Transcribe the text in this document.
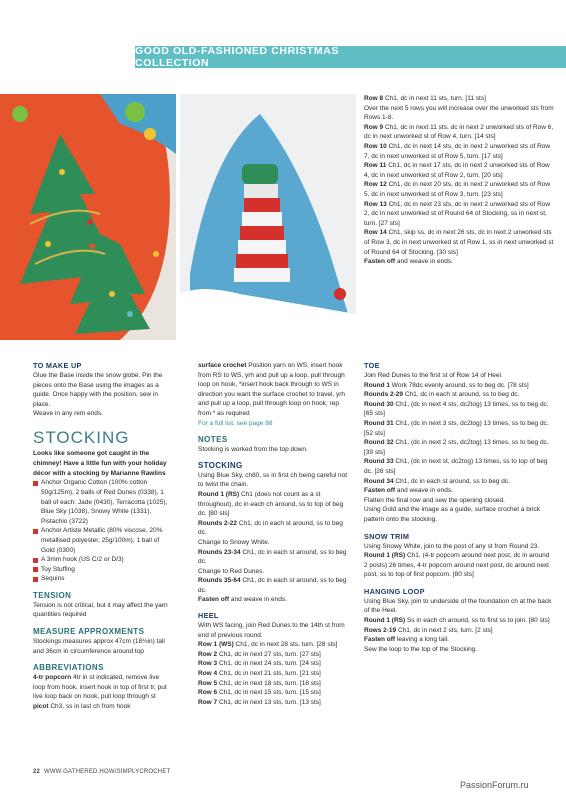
GOOD OLD-FASHIONED CHRISTMAS COLLECTION

Row 8 Ch1, dc in next 11 sts, turn. [11 sts]

Over the next 5 rows you will increase over the unworked sts from Rows 1-8.

Row 9 Ch1, dc in next 11 sts, dc in next 2 unworked sts of Row 6, dc in next unworked st of Row 4, turn. [14 sts]

Row 10 Ch1, dc in next 14 sts, dc in next 2 unworked sts of Row 7, dc in next unworked st of Row 5, turn. [17 sts]

Row 11 Ch1, dc in next 17 sts, dc in next 2 unworked sts of Row 4, dc in next unworked st of Row 2, turn. [20 sts]

Row 12 Ch1, dc in next 20 sts, dc in next 2 unworked sts of Row 5, dc in next unworked st of Row 3, turn. [23 sts]

Row 13 Ch1, dc in next 23 sts, dc in next 2 unworked sts of Row 2, dc in next unworked st of Round 64 of Stocking, ss in next st, turn. [27 sts]

Row 14 Ch1, skip ss, dc in next 26 sts, dc in next 2 unworked sts of Row 3, dc in next unworked st of Row 1, ss in next unworked st of Round 64 of Stocking. [30 sts]

Fasten off and weave in ends.

TO MAKE UP

Glue the Base inside the snow globe. Pin the pieces onto the Base using the images as a guide. Once happy with the position, sew in place.

Weave in any rem ends.

STOCKING

Looks like someone got caught in the chimney! Have a little fun with your holiday décor with a stocking by Marianne Rawlins

Anchor Organic Cotton (100% cotton 50g/125m), 2 balls of Red Dunes (0338), 1 ball of each: Jade (0430), Terracotta (1025), Blue Sky (1038), Snowy White (1331), Pistachio (3722)

Anchor Artiste Metallic (80% viscose, 20% metallised polyester, 25g/100m), 1 ball of Gold (0300)

A 3mm hook (US C/2 or D/3)

Toy Stuffing

Sequins

TENSION

Tension is not critical, but it may affect the yarn quantities required

MEASURE APPROXMENTS

Stockings measures approx 47cm (18½in) tall and 36cm in circumference around top

ABBREVIATIONS

4-tr popcorn 4tr in st indicated, remove live loop from hook, insert hook in top of first tr, put live loop back on hook, pull loop through st

picot Ch3, ss in last ch from hook

surface crochet Position yarn on WS, insert hook from RS to WS, yrh and pull up a loop, pull through loop on hook, *insert hook back through to WS in direction you want the surface crochet to travel, yrh and pull up a loop, pull through loop on hook; rep from * as required

For a full list, see page 88

NOTES

Stocking is worked from the top down.

STOCKING

Using Blue Sky, ch80, ss in first ch being careful not to twist the chain.

Round 1 (RS) Ch1 (does not count as a st throughout), dc in each ch around, ss to top of beg dc. [80 sts]

Rounds 2-22 Ch1, dc in each st around, ss to beg dc.

Change to Snowy White.

Rounds 23-34 Ch1, dc in each st around, ss to beg dc.

Change to Red Dunes.

Rounds 35-64 Ch1, dc in each st around, ss to beg dc.

Fasten off and weave in ends.

HEEL

With WS facing, join Red Dunes to the 14th st from end of previous round.

Row 1 (WS) Ch1, dc in next 28 sts, turn. [28 sts]

Row 2 Ch1, dc in next 27 sts, turn. [27 sts]

Row 3 Ch1, dc in next 24 sts, turn. [24 sts]

Row 4 Ch1, dc in next 21 sts, turn. [21 sts]

Row 5 Ch1, dc in next 18 sts, turn. [18 sts]

Row 6 Ch1, dc in next 15 sts, turn. [15 sts]

Row 7 Ch1, dc in next 13 sts, turn. [13 sts]

TOE

Join Red Dunes to the first st of Row 14 of Heel.

Round 1 Work 78dc evenly around, ss to beg dc. [78 sts]

Rounds 2-29 Ch1, dc in each st around, ss to beg dc.

Round 30 Ch1, (dc in next 4 sts, dc2tog) 13 times, ss to beg dc. [65 sts]

Round 31 Ch1, (dc in next 3 sts, dc2tog) 13 times, ss to beg dc. [52 sts]

Round 32 Ch1, (dc in next 2 sts, dc2tog) 13 times, ss to beg dc. [39 sts]

Round 33 Ch1, (dc in next st, dc2tog) 13 times, ss to top of beg dc. [26 sts]

Round 34 Ch1, dc in each st around, ss to beg dc.

Fasten off and weave in ends.

Flatten the final row and sew the opening closed.

Using Gold and the image as a guide, surface crochet a brick pattern onto the stocking.

SNOW TRIM

Using Snowy White, join to the post of any st from Round 23.

Round 1 (RS) Ch1, (4-tr popcorn around next post, dc in around 2 posts) 26 times, 4-tr popcorn around next post, dc around next post, ss to top of first popcorn. [80 sts]

HANGING LOOP

Using Blue Sky, join to underside of the foundation ch at the back of the Heel.

Round 1 (RS) Ss in each ch around, ss to first ss to join. [80 sts]

Rows 2-19 Ch1, dc in next 2 sts, turn. [2 sts]

Fasten off leaving a long tail.

Sew the loop to the top of the Stocking.

22 WWW.GATHERED.HOW/SIMPLYCROCHET
PassionForum.ru
